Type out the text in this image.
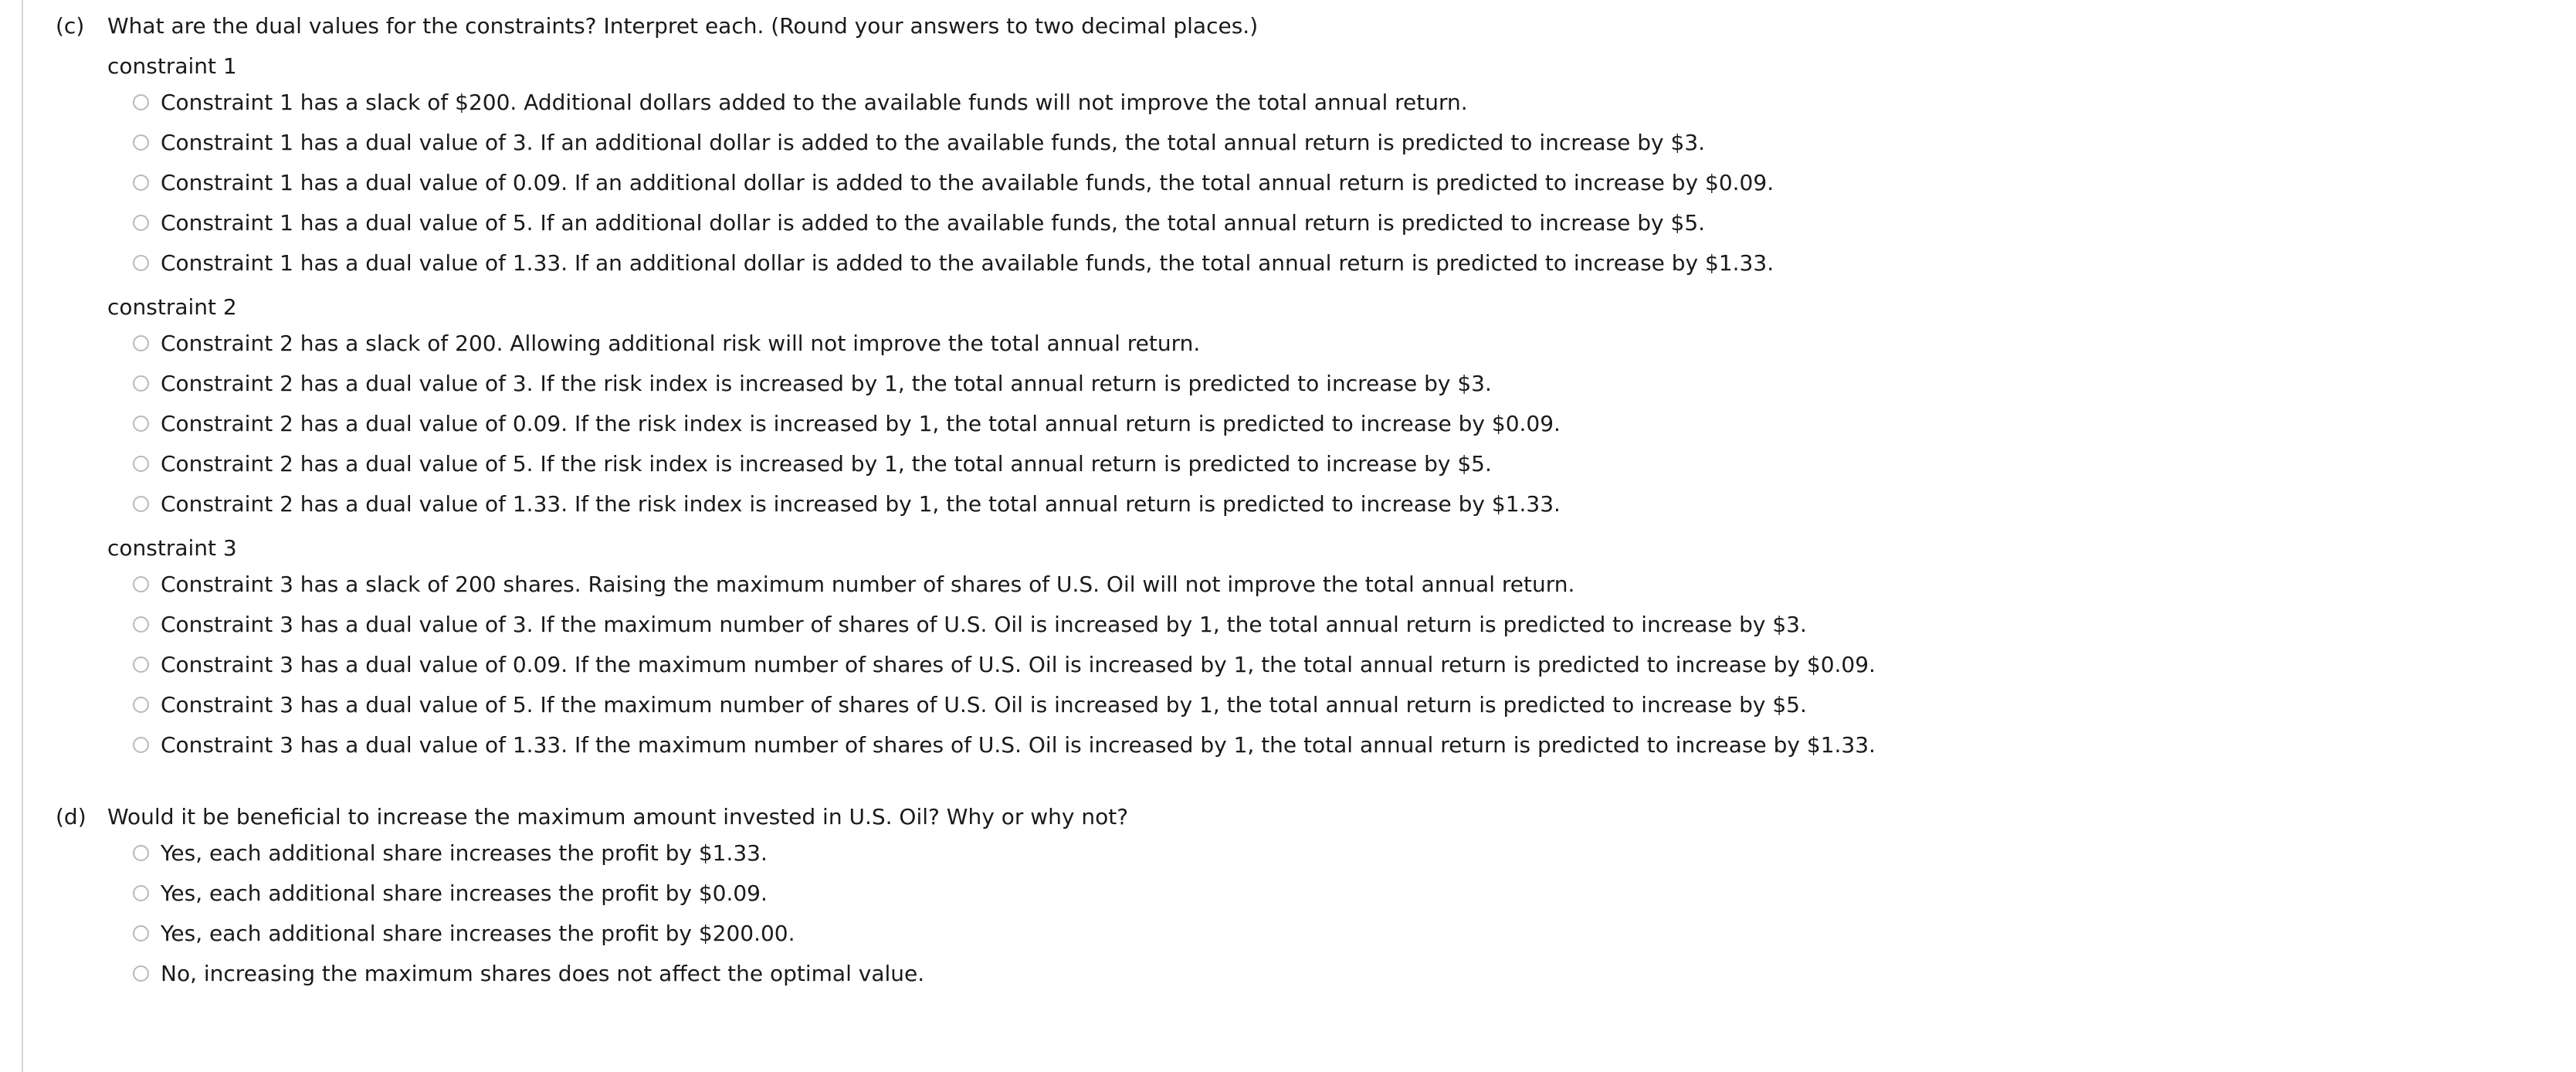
(c)	What are the dual values for the constraints? Interpret each. (Round your answers to two decimal places.)
constraint 1
Constraint 1 has a slack of $200. Additional dollars added to the available funds will not improve the total annual return.
Constraint 1 has a dual value of 3. If an additional dollar is added to the available funds, the total annual return is predicted to increase by $3.
Constraint 1 has a dual value of 0.09. If an additional dollar is added to the available funds, the total annual return is predicted to increase by $0.09.
Constraint 1 has a dual value of 5. If an additional dollar is added to the available funds, the total annual return is predicted to increase by $5.
Constraint 1 has a dual value of 1.33. If an additional dollar is added to the available funds, the total annual return is predicted to increase by $1.33.
constraint 2
Constraint 2 has a slack of 200. Allowing additional risk will not improve the total annual return.
Constraint 2 has a dual value of 3. If the risk index is increased by 1, the total annual return is predicted to increase by $3.
Constraint 2 has a dual value of 0.09. If the risk index is increased by 1, the total annual return is predicted to increase by $0.09.
Constraint 2 has a dual value of 5. If the risk index is increased by 1, the total annual return is predicted to increase by $5.
Constraint 2 has a dual value of 1.33. If the risk index is increased by 1, the total annual return is predicted to increase by $1.33.
constraint 3
Constraint 3 has a slack of 200 shares. Raising the maximum number of shares of U.S. Oil will not improve the total annual return.
Constraint 3 has a dual value of 3. If the maximum number of shares of U.S. Oil is increased by 1, the total annual return is predicted to increase by $3.
Constraint 3 has a dual value of 0.09. If the maximum number of shares of U.S. Oil is increased by 1, the total annual return is predicted to increase by $0.09.
Constraint 3 has a dual value of 5. If the maximum number of shares of U.S. Oil is increased by 1, the total annual return is predicted to increase by $5.
Constraint 3 has a dual value of 1.33. If the maximum number of shares of U.S. Oil is increased by 1, the total annual return is predicted to increase by $1.33.
(d) Would it be beneficial to increase the maximum amount invested in U.S. Oil? Why or why not?
Yes, each additional share increases the profit by $1.33.
Yes, each additional share increases the profit by $0.09.
Yes, each additional share increases the profit by $200.00.
No, increasing the maximum shares does not affect the optimal value.
